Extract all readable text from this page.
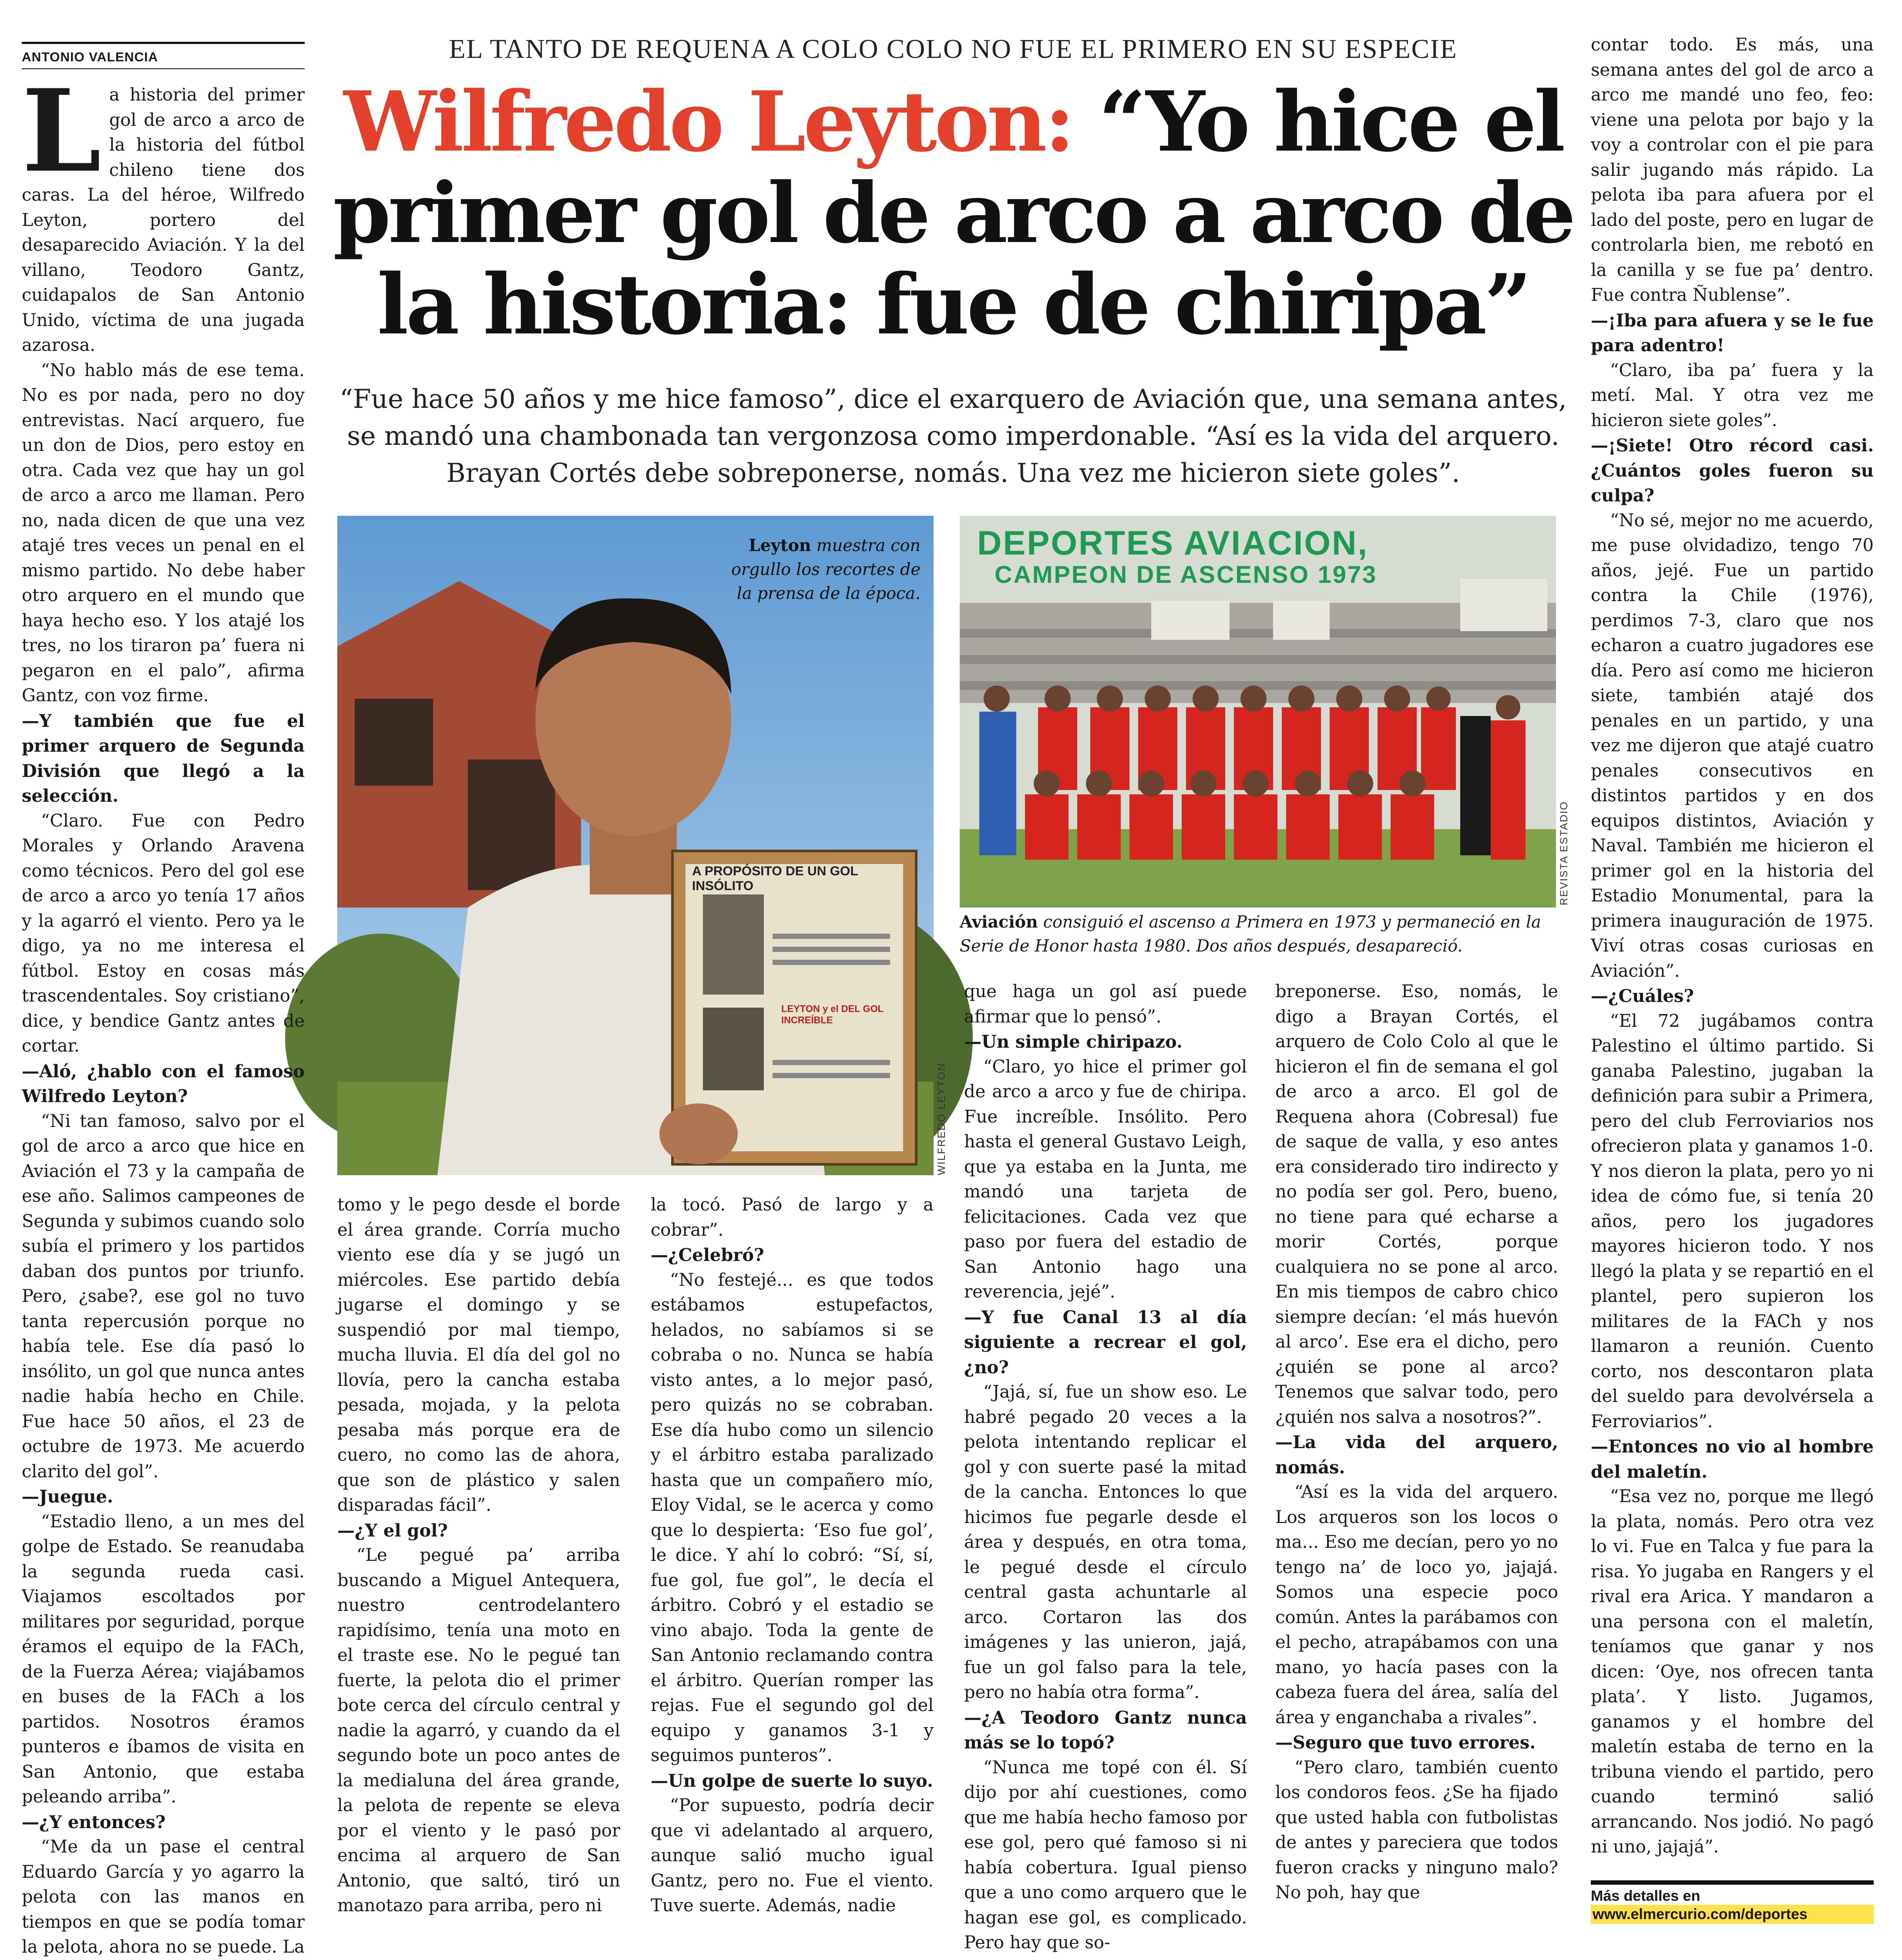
ANTONIO VALENCIA	EL TANTO DE REQUENA A COLO COLO NO FUE EL PRIMERO EN SU ESPECIE
Wilfredo Leyton: “Yo hice el primer gol de arco a arco de la historia: fue de chiripa”
“Fue hace 50 años y me hice famoso”, dice el exarquero de Aviación que, una semana antes, se mandó una chambonada tan vergonzosa como imperdonable. “Así es la vida del arquero. Brayan Cortés debe sobreponerse, nomás. Una vez me hicieron siete goles”.
A PROPÓSITO DE UN GOL INSÓLITO
LEYTON y el DEL GOL INCREÍBLE
Leyton muestra con orgullo los recortes de la prensa de la época.
WILFREDO LEYTON
DEPORTES AVIACION,
CAMPEON DE ASCENSO 1973
REVISTA ESTADIO
Aviación consiguió el ascenso a Primera en 1973 y permaneció en la Serie de Honor hasta 1980. Dos años después, desapareció.

La historia del primer gol de arco a arco de la historia del fútbol chileno tiene dos caras. La del héroe, Wilfredo Leyton, portero del desaparecido Aviación. Y la del villano, Teodoro Gantz, cuidapalos de San Antonio Unido, víctima de una jugada azarosa.

“No hablo más de ese tema. No es por nada, pero no doy entrevistas. Nací arquero, fue un don de Dios, pero estoy en otra. Cada vez que hay un gol de arco a arco me llaman. Pero no, nada dicen de que una vez atajé tres veces un penal en el mismo partido. No debe haber otro arquero en el mundo que haya hecho eso. Y los atajé los tres, no los tiraron pa’ fuera ni pegaron en el palo”, afirma Gantz, con voz firme.

—Y también que fue el primer arquero de Segunda División que llegó a la selección.

“Claro. Fue con Pedro Morales y Orlando Aravena como técnicos. Pero del gol ese de arco a arco yo tenía 17 años y la agarró el viento. Pero ya le digo, ya no me interesa el fútbol. Estoy en cosas más trascendentales. Soy cristiano”, dice, y bendice Gantz antes de cortar.

—Aló, ¿hablo con el famoso Wilfredo Leyton?

“Ni tan famoso, salvo por el gol de arco a arco que hice en Aviación el 73 y la campaña de ese año. Salimos campeones de Segunda y subimos cuando solo subía el primero y los partidos daban dos puntos por triunfo. Pero, ¿sabe?, ese gol no tuvo tanta repercusión porque no había tele. Ese día pasó lo insólito, un gol que nunca antes nadie había hecho en Chile. Fue hace 50 años, el 23 de octubre de 1973. Me acuerdo clarito del gol”.

—Juegue.

“Estadio lleno, a un mes del golpe de Estado. Se reanudaba la segunda rueda casi. Viajamos escoltados por militares por seguridad, porque éramos el equipo de la FACh, de la Fuerza Aérea; viajábamos en buses de la FACh a los partidos. Nosotros éramos punteros e íbamos de visita en San Antonio, que estaba peleando arriba”.

—¿Y entonces?

“Me da un pase el central Eduardo García y yo agarro la pelota con las manos en tiempos en que se podía tomar la pelota, ahora no se puede. La

tomo y le pego desde el borde el área grande. Corría mucho viento ese día y se jugó un miércoles. Ese partido debía jugarse el domingo y se suspendió por mal tiempo, mucha lluvia. El día del gol no llovía, pero la cancha estaba pesada, mojada, y la pelota pesaba más porque era de cuero, no como las de ahora, que son de plástico y salen disparadas fácil”.

—¿Y el gol?

“Le pegué pa’ arriba buscando a Miguel Antequera, nuestro centrodelantero rapidísimo, tenía una moto en el traste ese. No le pegué tan fuerte, la pelota dio el primer bote cerca del círculo central y nadie la agarró, y cuando da el segundo bote un poco antes de la medialuna del área grande, la pelota de repente se eleva por el viento y le pasó por encima al arquero de San Antonio, que saltó, tiró un manotazo para arriba, pero ni

la tocó. Pasó de largo y a cobrar”.

—¿Celebró?

“No festejé... es que todos estábamos estupefactos, helados, no sabíamos si se cobraba o no. Nunca se había visto antes, a lo mejor pasó, pero quizás no se cobraban. Ese día hubo como un silencio y el árbitro estaba paralizado hasta que un compañero mío, Eloy Vidal, se le acerca y como que lo despierta: ‘Eso fue gol’, le dice. Y ahí lo cobró: “Sí, sí, fue gol, fue gol”, le decía el árbitro. Cobró y el estadio se vino abajo. Toda la gente de San Antonio reclamando contra el árbitro. Querían romper las rejas. Fue el segundo gol del equipo y ganamos 3-1 y seguimos punteros”.

—Un golpe de suerte lo suyo.

“Por supuesto, podría decir que vi adelantado al arquero, aunque salió mucho igual Gantz, pero no. Fue el viento. Tuve suerte. Además, nadie

que haga un gol así puede afirmar que lo pensó”.

—Un simple chiripazo.

“Claro, yo hice el primer gol de arco a arco y fue de chiripa. Fue increíble. Insólito. Pero hasta el general Gustavo Leigh, que ya estaba en la Junta, me mandó una tarjeta de felicitaciones. Cada vez que paso por fuera del estadio de San Antonio hago una reverencia, jejé”.

—Y fue Canal 13 al día siguiente a recrear el gol, ¿no?

“Jajá, sí, fue un show eso. Le habré pegado 20 veces a la pelota intentando replicar el gol y con suerte pasé la mitad de la cancha. Entonces lo que hicimos fue pegarle desde el área y después, en otra toma, le pegué desde el círculo central gasta achuntarle al arco. Cortaron las dos imágenes y las unieron, jajá, fue un gol falso para la tele, pero no había otra forma”.

—¿A Teodoro Gantz nunca más se lo topó?

“Nunca me topé con él. Sí dijo por ahí cuestiones, como que me había hecho famoso por ese gol, pero qué famoso si ni había cobertura. Igual pienso que a uno como arquero que le hagan ese gol, es complicado. Pero hay que so-

breponerse. Eso, nomás, le digo a Brayan Cortés, el arquero de Colo Colo al que le hicieron el fin de semana el gol de arco a arco. El gol de Requena ahora (Cobresal) fue de saque de valla, y eso antes era considerado tiro indirecto y no podía ser gol. Pero, bueno, no tiene para qué echarse a morir Cortés, porque cualquiera no se pone al arco. En mis tiempos de cabro chico siempre decían: ‘el más huevón al arco’. Ese era el dicho, pero ¿quién se pone al arco? Tenemos que salvar todo, pero ¿quién nos salva a nosotros?”.

—La vida del arquero, nomás.

“Así es la vida del arquero. Los arqueros son los locos o ma... Eso me decían, pero yo no tengo na’ de loco yo, jajajá. Somos una especie poco común. Antes la parábamos con el pecho, atrapábamos con una mano, yo hacía pases con la cabeza fuera del área, salía del área y enganchaba a rivales”.

—Seguro que tuvo errores.

“Pero claro, también cuento los condoros feos. ¿Se ha fijado que usted habla con futbolistas de antes y pareciera que todos fueron cracks y ninguno malo? No poh, hay que

contar todo. Es más, una semana antes del gol de arco a arco me mandé uno feo, feo: viene una pelota por bajo y la voy a controlar con el pie para salir jugando más rápido. La pelota iba para afuera por el lado del poste, pero en lugar de controlarla bien, me rebotó en la canilla y se fue pa’ dentro. Fue contra Ñublense”.

—¡Iba para afuera y se le fue para adentro!

“Claro, iba pa’ fuera y la metí. Mal. Y otra vez me hicieron siete goles”.

—¡Siete! Otro récord casi. ¿Cuántos goles fueron su culpa?

“No sé, mejor no me acuerdo, me puse olvidadizo, tengo 70 años, jejé. Fue un partido contra la Chile (1976), perdimos 7-3, claro que nos echaron a cuatro jugadores ese día. Pero así como me hicieron siete, también atajé dos penales en un partido, y una vez me dijeron que atajé cuatro penales consecutivos en distintos partidos y en dos equipos distintos, Aviación y Naval. También me hicieron el primer gol en la historia del Estadio Monumental, para la primera inauguración de 1975. Viví otras cosas curiosas en Aviación”.

—¿Cuáles?

“El 72 jugábamos contra Palestino el último partido. Si ganaba Palestino, jugaban la definición para subir a Primera, pero del club Ferroviarios nos ofrecieron plata y ganamos 1-0. Y nos dieron la plata, pero yo ni idea de cómo fue, si tenía 20 años, pero los jugadores mayores hicieron todo. Y nos llegó la plata y se repartió en el plantel, pero supieron los militares de la FACh y nos llamaron a reunión. Cuento corto, nos descontaron plata del sueldo para devolvérsela a Ferroviarios”.

—Entonces no vio al hombre del maletín.

“Esa vez no, porque me llegó la plata, nomás. Pero otra vez lo vi. Fue en Talca y fue para la risa. Yo jugaba en Rangers y el rival era Arica. Y mandaron a una persona con el maletín, teníamos que ganar y nos dicen: ‘Oye, nos ofrecen tanta plata’. Y listo. Jugamos, ganamos y el hombre del maletín estaba de terno en la tribuna viendo el partido, pero cuando terminó salió arrancando. Nos jodió. No pagó ni uno, jajajá”.

Más detalles en
www.elmercurio.com/deportes
